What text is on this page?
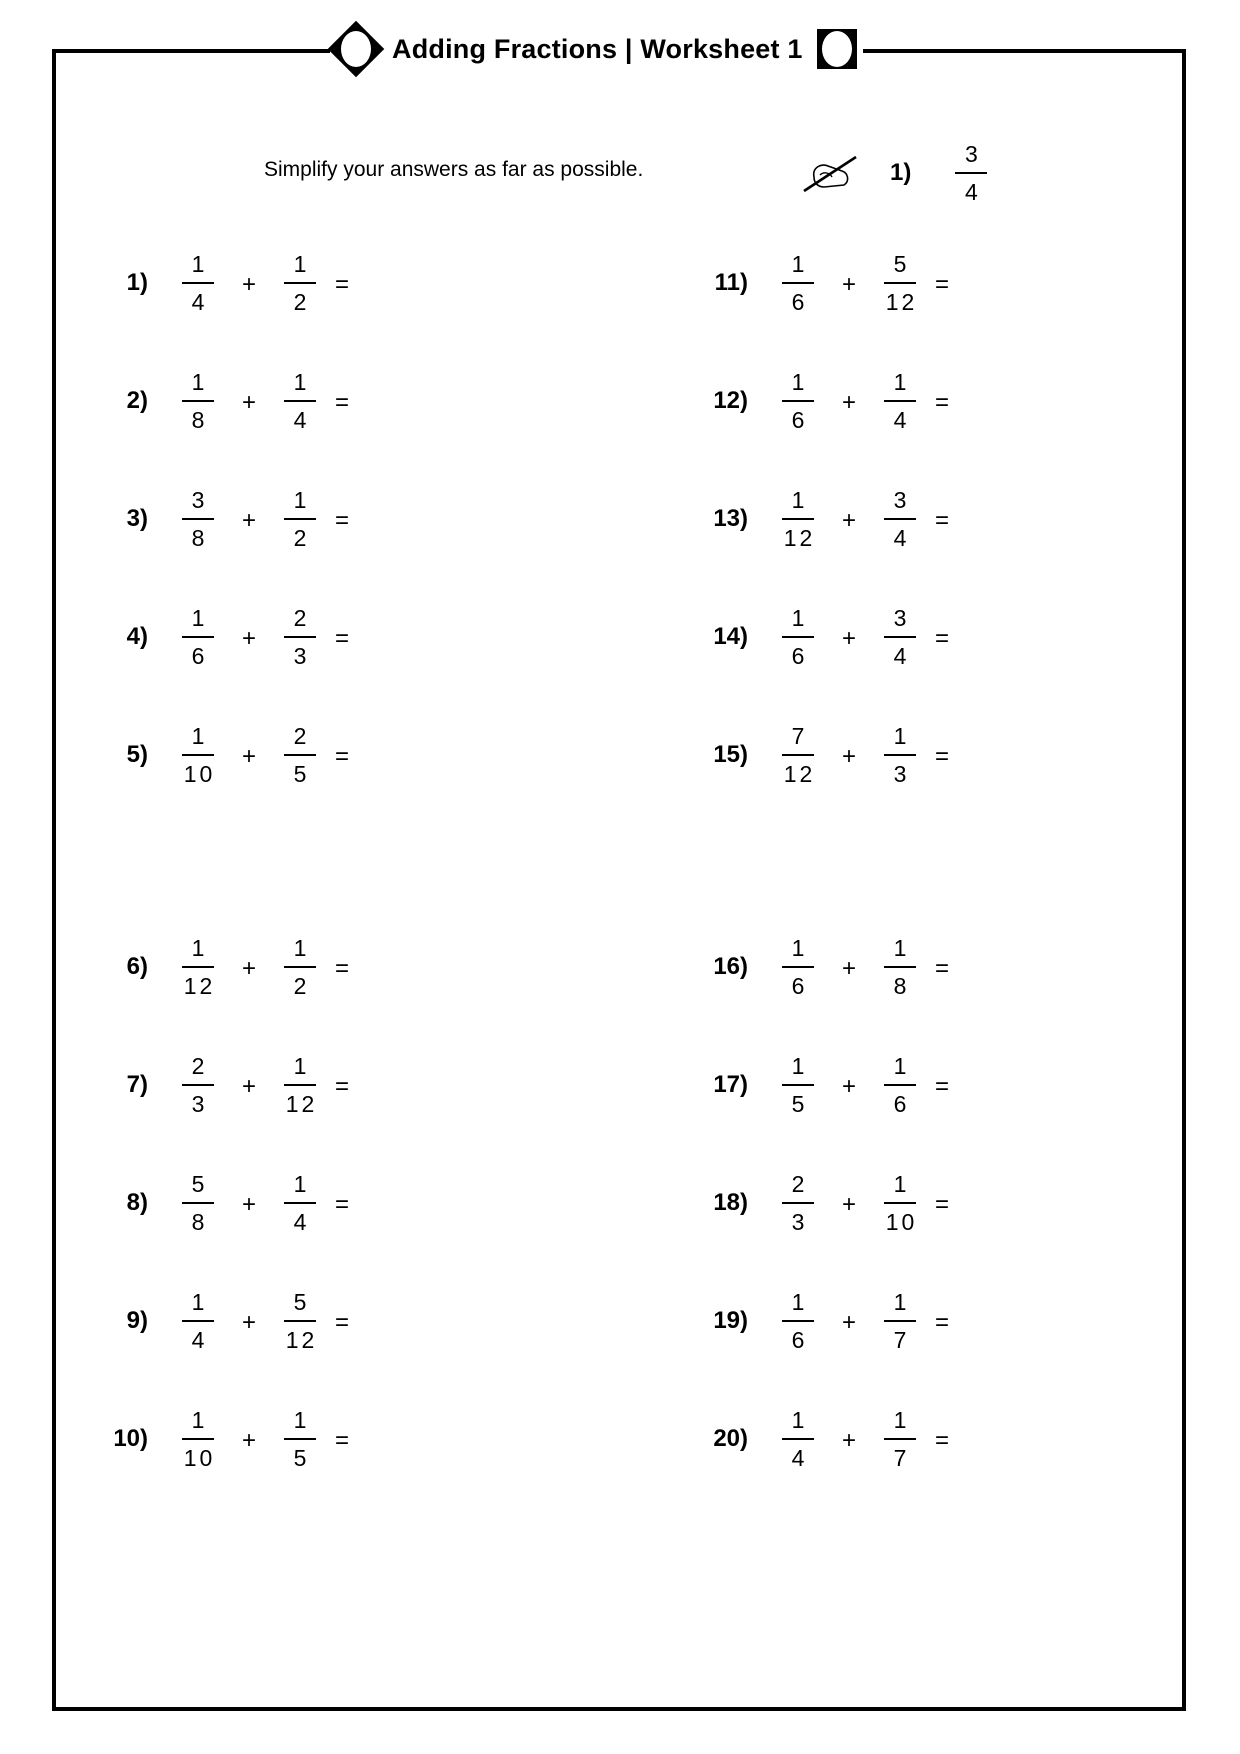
Adding Fractions | Worksheet 1
Simplify your answers as far as possible.	$1) \frac{3}{4}$
$1) \frac{1}{4}$ +	$\frac{1}{2}$ =
$2) \frac{1}{8}$ +	$\frac{1}{4}$ =
$3) \frac{3}{8}$ +	$\frac{1}{2}$ =
$4) \frac{1}{6}$ +	$\frac{2}{3}$ =
$5) \frac{1}{10}$ +	$\frac{2}{5}$ =
$6) \frac{1}{12}$ +	$\frac{1}{2}$ =
$7) \frac{2}{3}$ +	$\frac{1}{12}$ =
$8) \frac{5}{8}$ +	$\frac{1}{4}$ =
$9) \frac{1}{4}$ +	$\frac{5}{12}$ =
$10) \frac{1}{10}$ +	$\frac{1}{5}$ =
$11) \frac{1}{6}$ +	$\frac{5}{12}$ =
$12) \frac{1}{6}$ +	$\frac{1}{4}$ =
$13) \frac{1}{12}$ +	$\frac{3}{4}$ =
$14) \frac{1}{6}$ +	$\frac{3}{4}$ =
$15) \frac{7}{12}$ +	$\frac{1}{3}$ =
$16) \frac{1}{6}$ +	$\frac{1}{8}$ =
$17) \frac{1}{5}$ +	$\frac{1}{6}$ =
$18) \frac{2}{3}$ +	$\frac{1}{10}$ =
$19) \frac{1}{6}$ +	$\frac{1}{7}$ =
$20) \frac{1}{4}$ +	$\frac{1}{7}$ =
